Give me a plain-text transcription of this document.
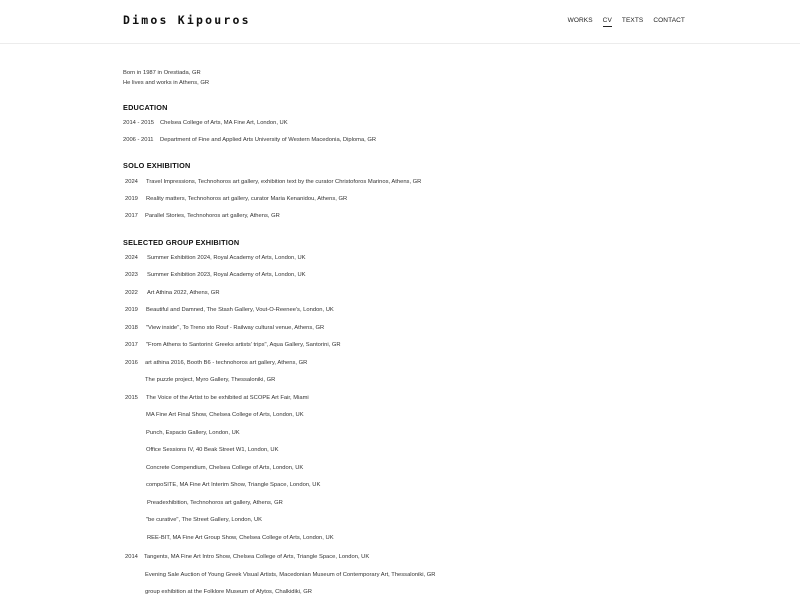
Dimos Kipouros	WORKS CV TEXTS CONTACT
Born in 1987 in Orestiada, GR
He lives and works in Athens, GR
EDUCATION
2014 - 2015 Chelsea College of Arts, MA Fine Art, London, UK
2006 - 2011 Department of Fine and Applied Arts University of Western Macedonia, Diploma, GR
SOLO EXHIBITION
2024 Travel Impressions, Technohoros art gallery, exhibition text by the curator Christoforos Marinos, Athens, GR
2019 Reality matters, Technohoros art gallery, curator Maria Kenanidou, Athens, GR
2017 Parallel Stories, Technohoros art gallery, Athens, GR
SELECTED GROUP EXHIBITION
2024 Summer Exhibition 2024, Royal Academy of Arts, London, UK
2023 Summer Exhibition 2023, Royal Academy of Arts, London, UK
2022 Art Athina 2022, Athens, GR
2019 Beautiful and Damned, The Stash Gallery, Vout-O-Reenee's, London, UK
2018 "View inside", To Treno sto Rouf - Railway cultural venue, Athens, GR
2017 "From Athens to Santorini: Greeks artists' trips", Aqua Gallery, Santorini, GR
2016 art athina 2016, Booth B6 - technohoros art gallery, Athens, GR
The puzzle project, Myro Gallery, Thessaloniki, GR
2015 The Voice of the Artist to be exhibited at SCOPE Art Fair, Miami
MA Fine Art Final Show, Chelsea College of Arts, London, UK
Punch, Espacio Gallery, London, UK
Office Sessions IV, 40 Beak Street W1, London, UK
Concrete Compendium, Chelsea College of Arts, London, UK
compoSITE, MA Fine Art Interim Show, Triangle Space, London, UK
Preadexhibition, Technohoros art gallery, Athens, GR
"be curative", The Street Gallery, London, UK
REE-BIT, MA Fine Art Group Show, Chelsea College of Arts, London, UK
2014 Tangents, MA Fine Art Intro Show, Chelsea College of Arts, Triangle Space, London, UK
Evening Sale Auction of Young Greek Visual Artists, Macedonian Museum of Contemporary Art, Thessaloniki, GR
group exhibition at the Folklore Museum of Afytos, Chalkidiki, GR
